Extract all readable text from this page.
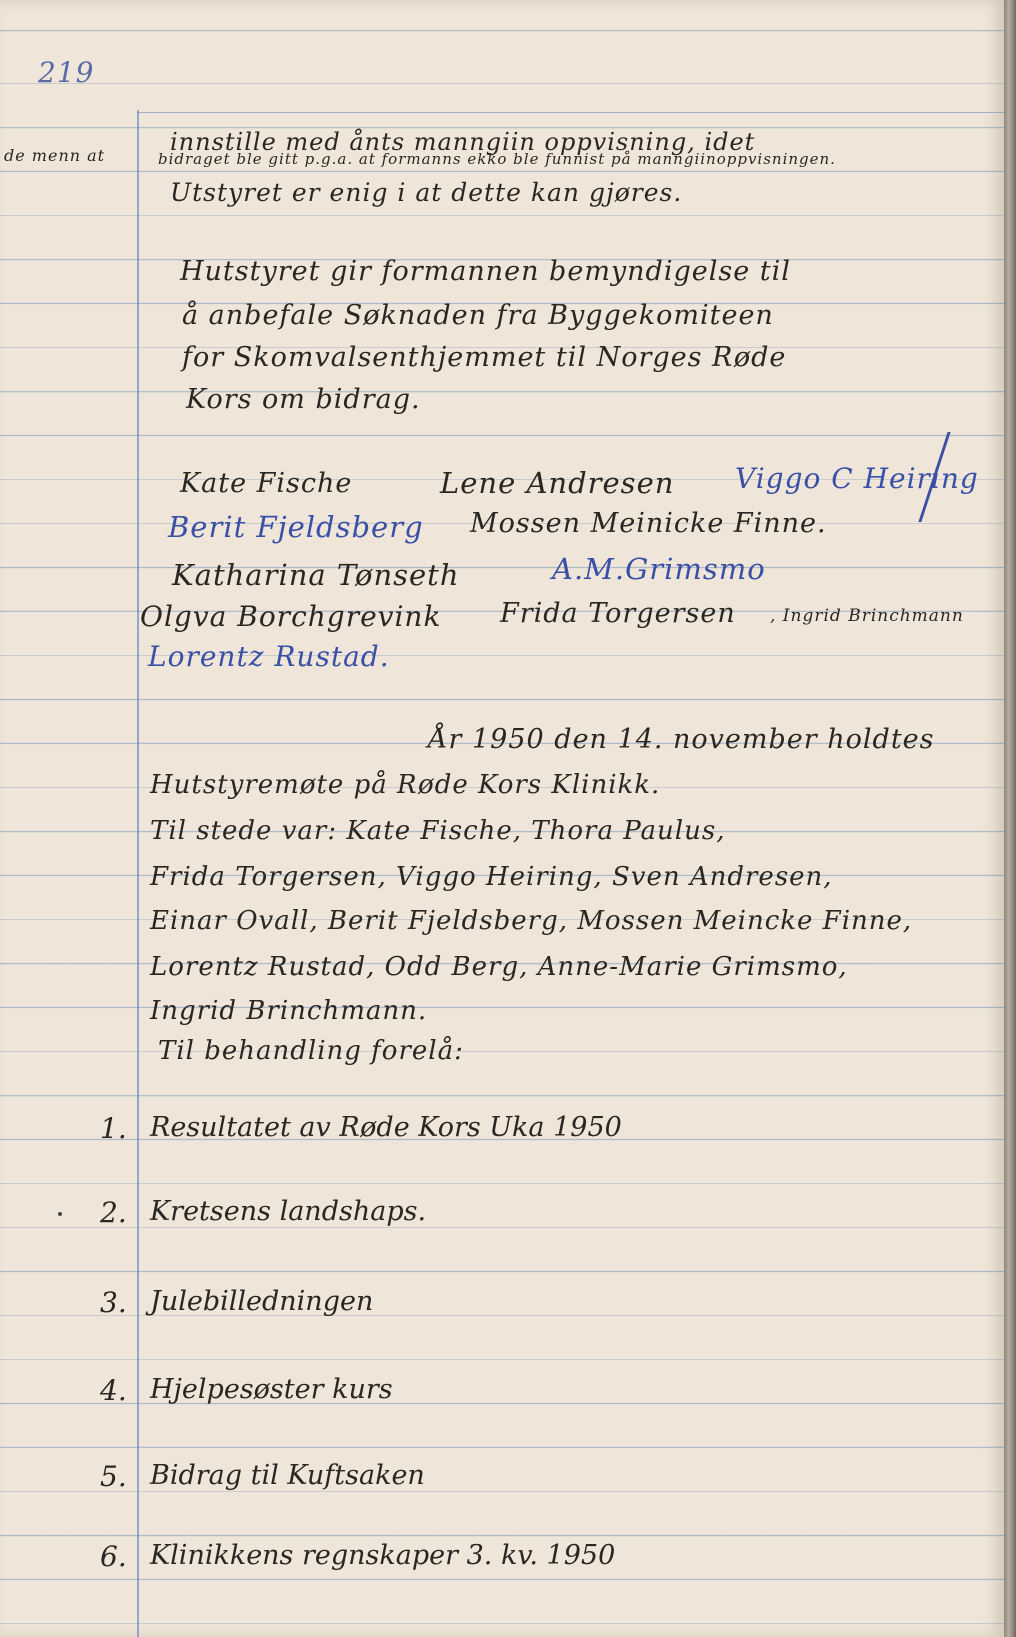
219
de menn at	innstille med ånts manngiin oppvisning, idet
bidraget ble gitt p.g.a. at formanns ekko ble funnist på manngiinoppvisningen.
Utstyret er enig i at dette kan gjøres.
Hutstyret gir formannen bemyndigelse til
å anbefale Søknaden fra Byggekomiteen
for Skomvalsenthjemmet til Norges Røde
Kors om bidrag.
Kate Fische	Lene Andresen Viggo C Heiring
Berit Fjeldsberg Mossen Meinicke Finne.
Katharina Tønseth	A.M.Grimsmo
Olgva Borchgrevink Frida Torgersen , Ingrid Brinchmann
Lorentz Rustad.
År 1950 den 14. november holdtes
Hutstyremøte på Røde Kors Klinikk.
Til stede var: Kate Fische, Thora Paulus,
Frida Torgersen, Viggo Heiring, Sven Andresen,
Einar Ovall, Berit Fjeldsberg, Mossen Meincke Finne,
Lorentz Rustad, Odd Berg, Anne-Marie Grimsmo,
Ingrid Brinchmann.
Til behandling forelå:
1. Resultatet av Røde Kors Uka 1950
2. Kretsens landshaps.
3. Julebilledningen
4. Hjelpesøster kurs
5. Bidrag til Kuftsaken
6. Klinikkens regnskaper 3. kv. 1950
